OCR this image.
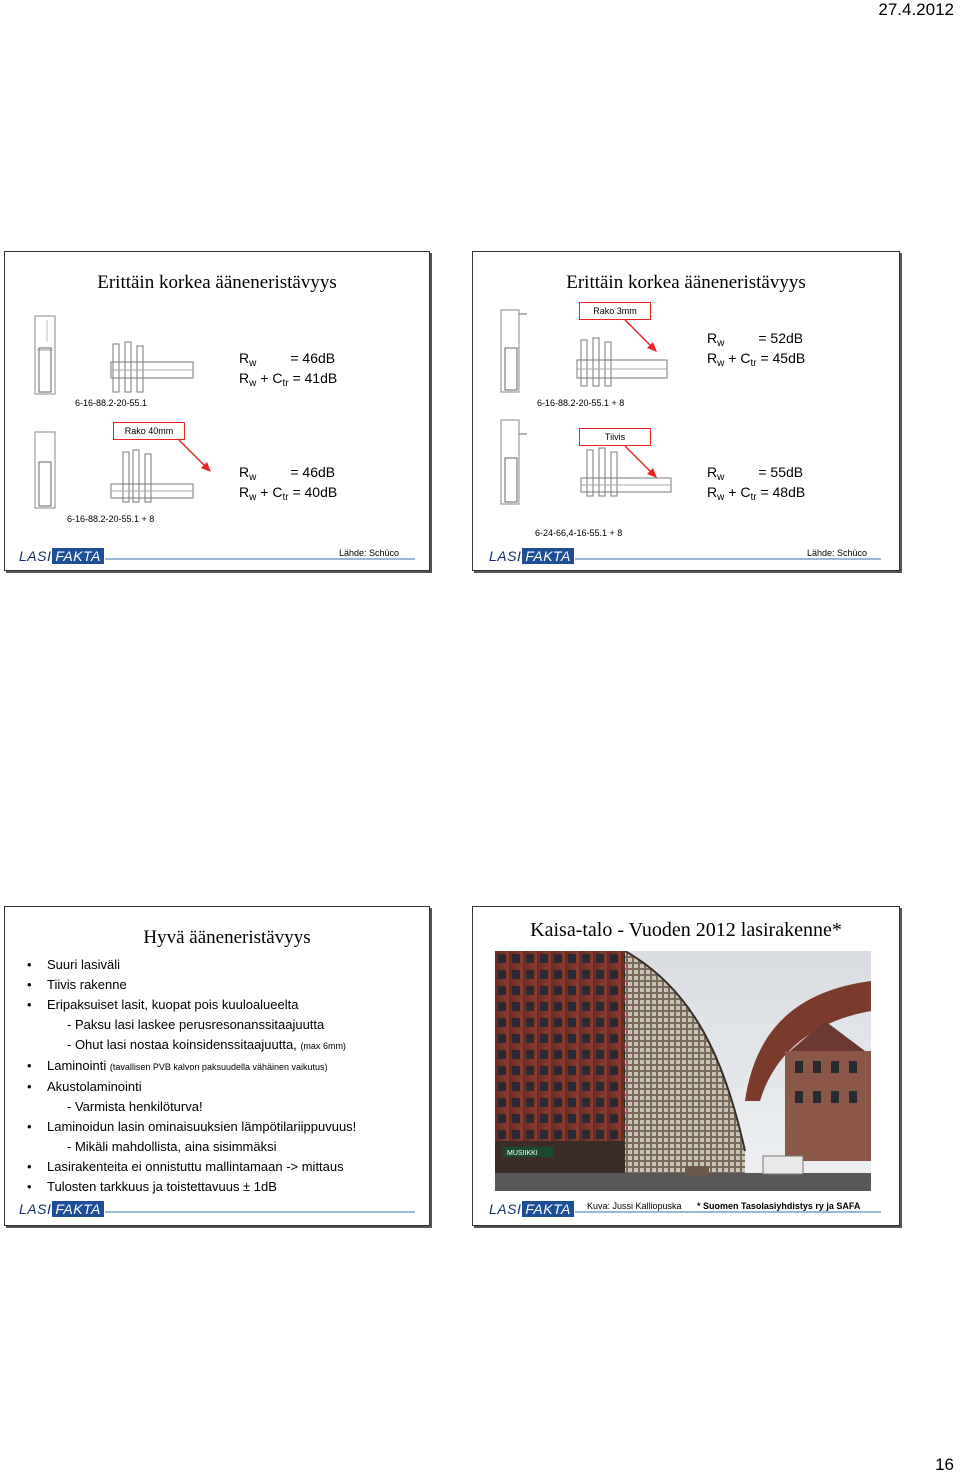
27.4.2012
Erittäin korkea ääneneristävyys
$R_w = 46dB$
$R_w + C_{tr} = 41dB$
6-16-88.2-20-55.1
Rako 40mm
$R_w = 46dB$
$R_w + C_{tr} = 40dB$
6-16-88.2-20-55.1 + 8
LASI FAKTA	Lähde: Schüco
Erittäin korkea ääneneristävyys
Rako 3mm
$R_w = 52dB$
$R_w + C_{tr} = 45dB$
6-16-88.2-20-55.1 + 8
Tiivis
$R_w = 55dB$
$R_w + C_{tr} = 48dB$
6-24-66,4-16-55.1 + 8
LASI FAKTA	Lähde: Schüco
Hyvä ääneneristävyys
• Suuri lasiväli
• Tiivis rakenne
• Eripaksuiset lasit, kuopat pois kuuloalueelta
- Paksu lasi laskee perusresonanssitaajuutta
- Ohut lasi nostaa koinsidenssitaajuutta, (max 6mm)
• Laminointi (tavallisen PVB kalvon paksuudella vähäinen vaikutus)
• Akustolaminointi
- Varmista henkilöturva!
• Laminoidun lasin ominaisuuksien lämpötilariippuvuus!
- Mikäli mahdollista, aina sisimmäksi
• Lasirakenteita ei onnistuttu mallintamaan -> mittaus
• Tulosten tarkkuus ja toistettavuus ± 1dB
LASI FAKTA
Kaisa-talo - Vuoden 2012 lasirakenne*
MUSIIKKI
LASI FAKTA	Kuva: Jussi Kalliopuska * Suomen Tasolasiyhdistys ry ja SAFA
16
